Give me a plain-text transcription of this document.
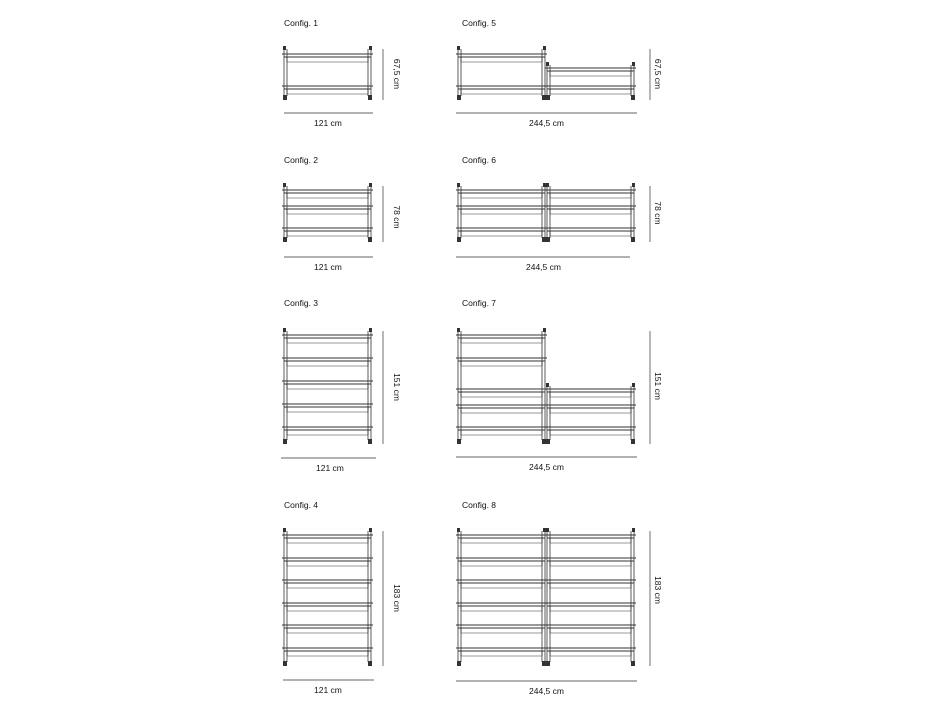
Config. 1
Config. 2
Config. 3
Config. 4
Config. 5
Config. 6
Config. 7
Config. 8
121 cm
121 cm
121 cm
121 cm
244,5 cm
244,5 cm
244,5 cm
244,5 cm
67,5 cm
78 cm
151 cm
183 cm
67,5 cm
78 cm
151 cm
183 cm
